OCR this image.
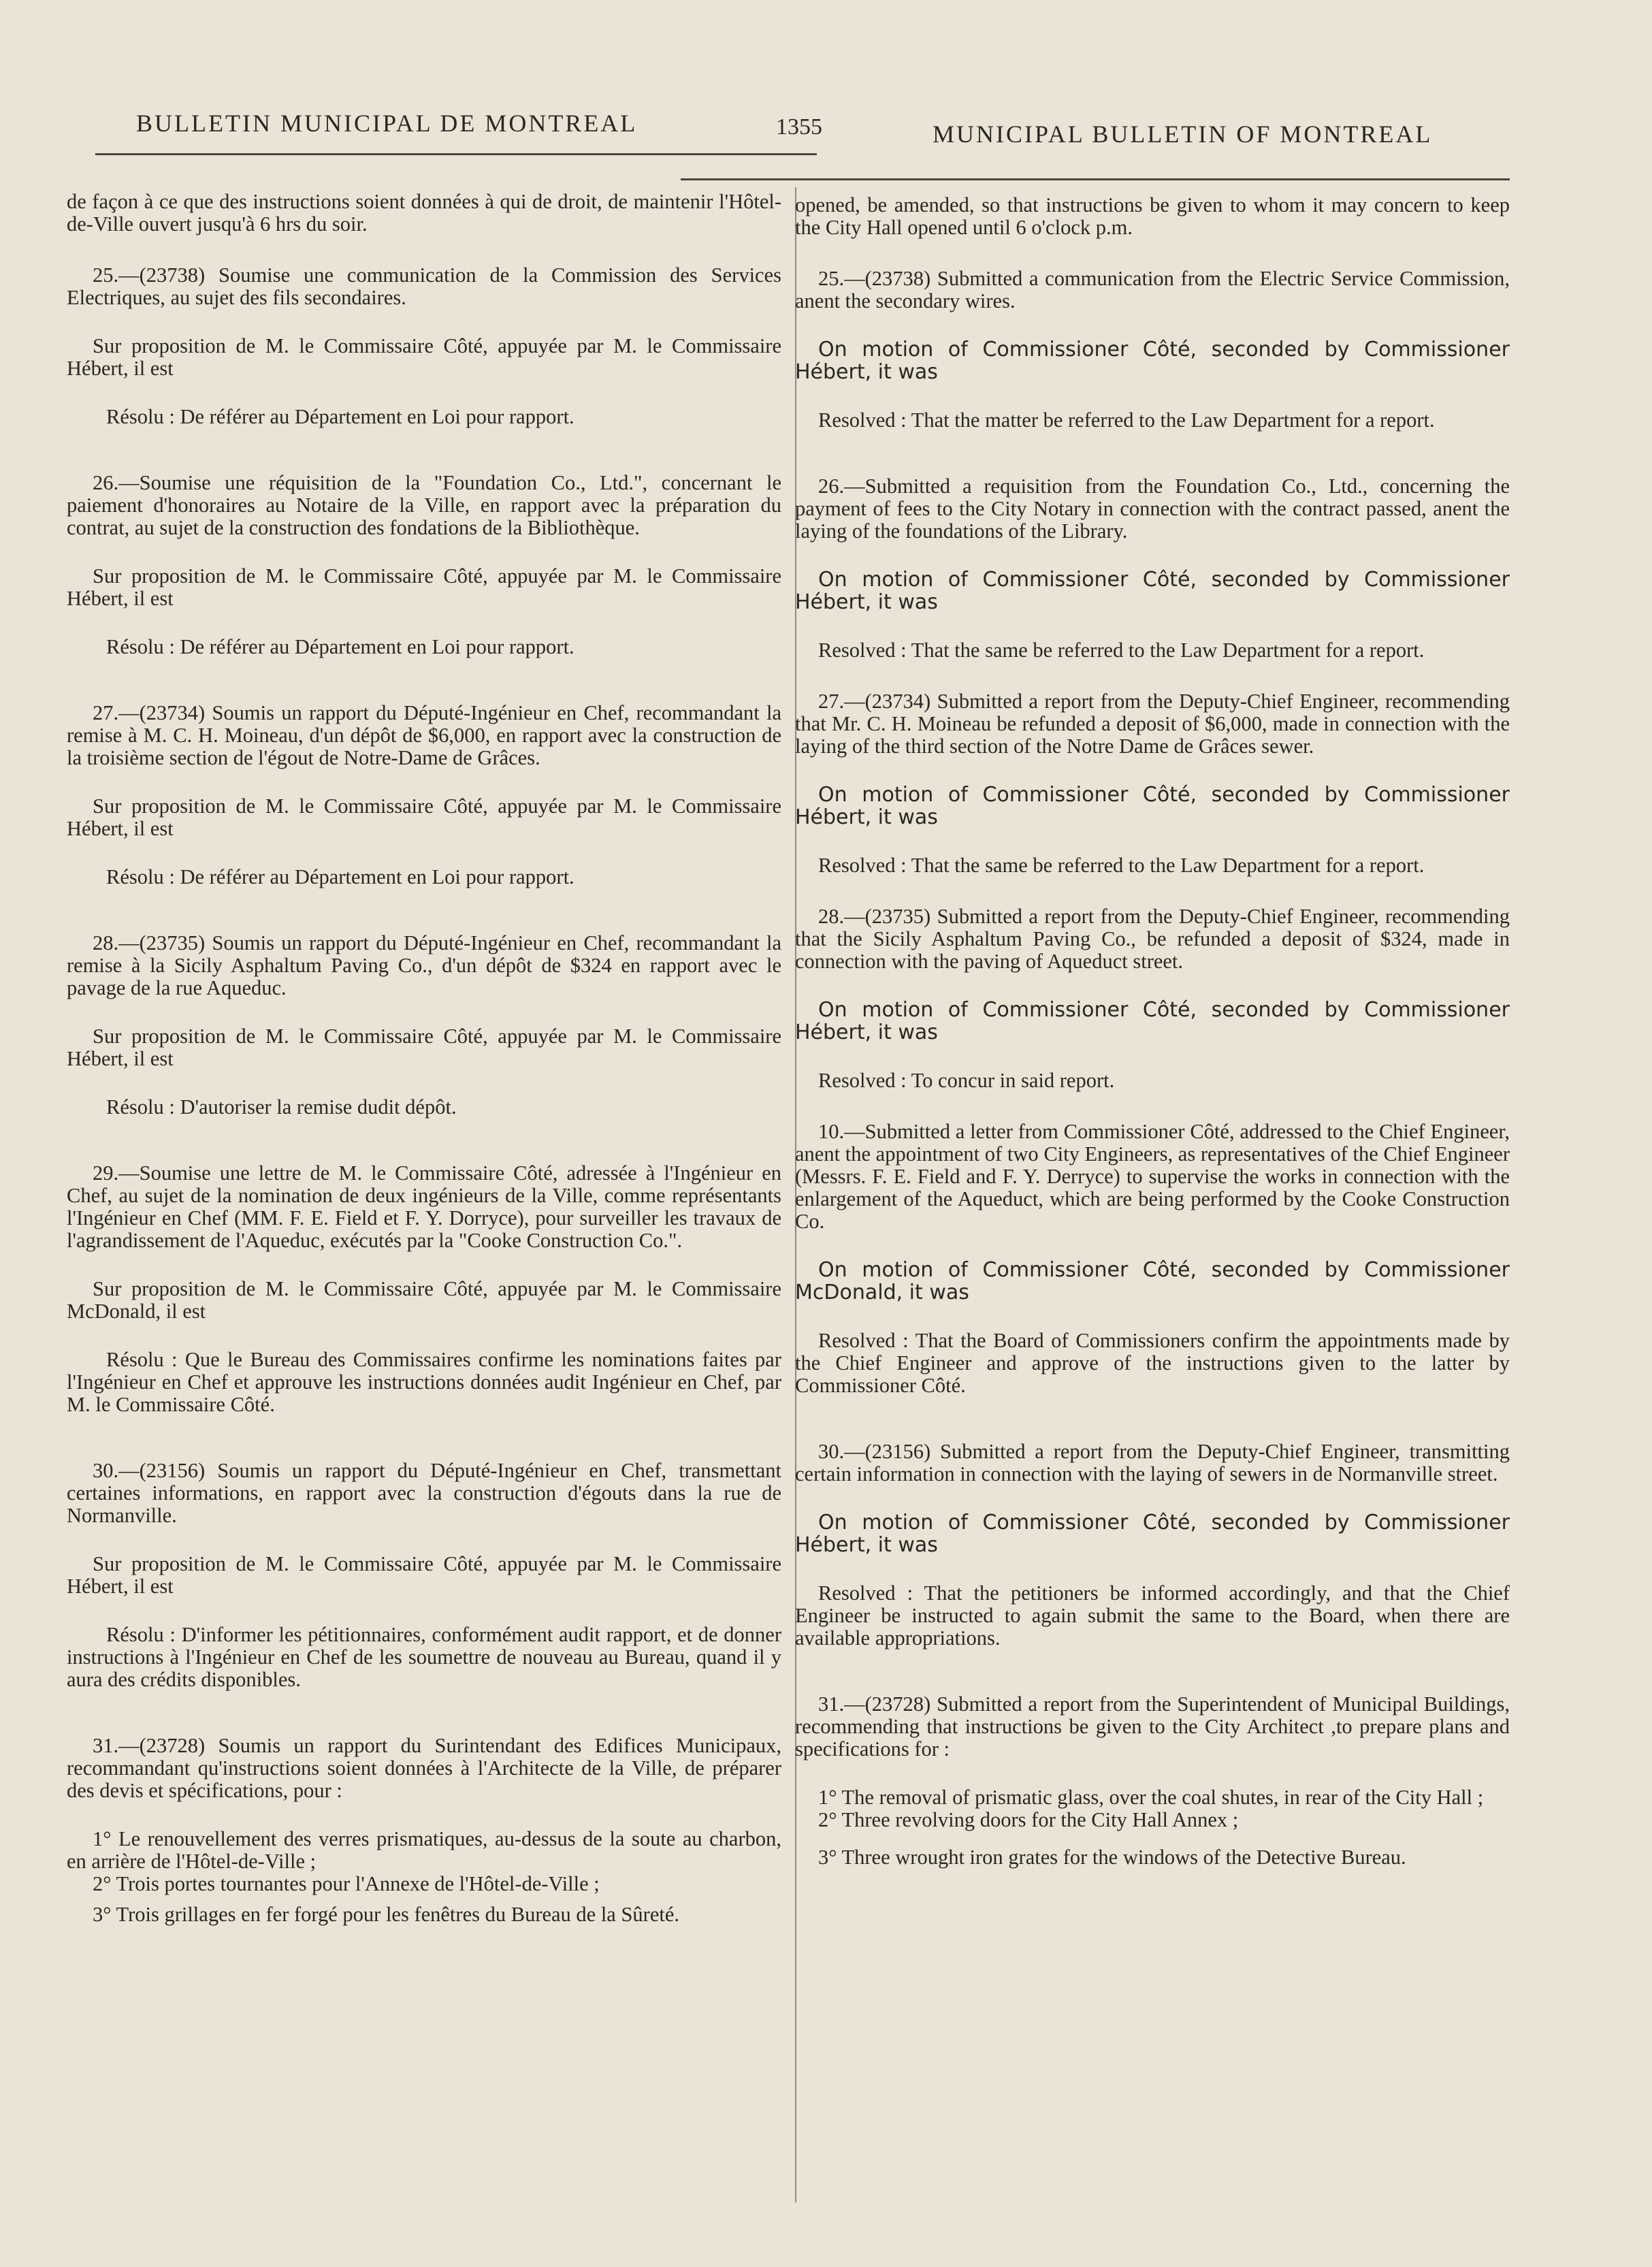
BULLETIN MUNICIPAL DE MONTREAL	1355	MUNICIPAL BULLETIN OF MONTREAL

de façon à ce que des instructions soient données à qui de droit, de maintenir l'Hôtel-de-Ville ouvert jusqu'à 6 hrs du soir.

25.—(23738) Soumise une communication de la Commission des Services Electriques, au sujet des fils secondaires.

Sur proposition de M. le Commissaire Côté, appuyée par M. le Commissaire Hébert, il est

Résolu : De référer au Département en Loi pour rapport.

26.—Soumise une réquisition de la "Foundation Co., Ltd.", concernant le paiement d'honoraires au Notaire de la Ville, en rapport avec la préparation du contrat, au sujet de la construction des fondations de la Bibliothèque.

Sur proposition de M. le Commissaire Côté, appuyée par M. le Commissaire Hébert, il est

Résolu : De référer au Département en Loi pour rapport.

27.—(23734) Soumis un rapport du Député-Ingénieur en Chef, recommandant la remise à M. C. H. Moineau, d'un dépôt de $6,000, en rapport avec la construction de la troisième section de l'égout de Notre-Dame de Grâces.

Sur proposition de M. le Commissaire Côté, appuyée par M. le Commissaire Hébert, il est

Résolu : De référer au Département en Loi pour rapport.

28.—(23735) Soumis un rapport du Député-Ingénieur en Chef, recommandant la remise à la Sicily Asphaltum Paving Co., d'un dépôt de $324 en rapport avec le pavage de la rue Aqueduc.

Sur proposition de M. le Commissaire Côté, appuyée par M. le Commissaire Hébert, il est

Résolu : D'autoriser la remise dudit dépôt.

29.—Soumise une lettre de M. le Commissaire Côté, adressée à l'Ingénieur en Chef, au sujet de la nomination de deux ingénieurs de la Ville, comme représentants l'Ingénieur en Chef (MM. F. E. Field et F. Y. Dorryce), pour surveiller les travaux de l'agrandissement de l'Aqueduc, exécutés par la "Cooke Construction Co.".

Sur proposition de M. le Commissaire Côté, appuyée par M. le Commissaire McDonald, il est

Résolu : Que le Bureau des Commissaires confirme les nominations faites par l'Ingénieur en Chef et approuve les instructions données audit Ingénieur en Chef, par M. le Commissaire Côté.

30.—(23156) Soumis un rapport du Député-Ingénieur en Chef, transmettant certaines informations, en rapport avec la construction d'égouts dans la rue de Normanville.

Sur proposition de M. le Commissaire Côté, appuyée par M. le Commissaire Hébert, il est

Résolu : D'informer les pétitionnaires, conformément audit rapport, et de donner instructions à l'Ingénieur en Chef de les soumettre de nouveau au Bureau, quand il y aura des crédits disponibles.

31.—(23728) Soumis un rapport du Surintendant des Edifices Municipaux, recommandant qu'instructions soient données à l'Architecte de la Ville, de préparer des devis et spécifications, pour :

1° Le renouvellement des verres prismatiques, au-dessus de la soute au charbon, en arrière de l'Hôtel-de-Ville ;

2° Trois portes tournantes pour l'Annexe de l'Hôtel-de-Ville ;

3° Trois grillages en fer forgé pour les fenêtres du Bureau de la Sûreté.

opened, be amended, so that instructions be given to whom it may concern to keep the City Hall opened until 6 o'clock p.m.

25.—(23738) Submitted a communication from the Electric Service Commission, anent the secondary wires.

On motion of Commissioner Côté, seconded by Commissioner Hébert, it was

Resolved : That the matter be referred to the Law Department for a report.

26.—Submitted a requisition from the Foundation Co., Ltd., concerning the payment of fees to the City Notary in connection with the contract passed, anent the laying of the foundations of the Library.

On motion of Commissioner Côté, seconded by Commissioner Hébert, it was

Resolved : That the same be referred to the Law Department for a report.

27.—(23734) Submitted a report from the Deputy-Chief Engineer, recommending that Mr. C. H. Moineau be refunded a deposit of $6,000, made in connection with the laying of the third section of the Notre Dame de Grâces sewer.

On motion of Commissioner Côté, seconded by Commissioner Hébert, it was

Resolved : That the same be referred to the Law Department for a report.

28.—(23735) Submitted a report from the Deputy-Chief Engineer, recommending that the Sicily Asphaltum Paving Co., be refunded a deposit of $324, made in connection with the paving of Aqueduct street.

On motion of Commissioner Côté, seconded by Commissioner Hébert, it was

Resolved : To concur in said report.

10.—Submitted a letter from Commissioner Côté, addressed to the Chief Engineer, anent the appointment of two City Engineers, as representatives of the Chief Engineer (Messrs. F. E. Field and F. Y. Derryce) to supervise the works in connection with the enlargement of the Aqueduct, which are being performed by the Cooke Construction Co.

On motion of Commissioner Côté, seconded by Commissioner McDonald, it was

Resolved : That the Board of Commissioners confirm the appointments made by the Chief Engineer and approve of the instructions given to the latter by Commissioner Côté.

30.—(23156) Submitted a report from the Deputy-Chief Engineer, transmitting certain information in connection with the laying of sewers in de Normanville street.

On motion of Commissioner Côté, seconded by Commissioner Hébert, it was

Resolved : That the petitioners be informed accordingly, and that the Chief Engineer be instructed to again submit the same to the Board, when there are available appropriations.

31.—(23728) Submitted a report from the Superintendent of Municipal Buildings, recommending that instructions be given to the City Architect ,to prepare plans and specifications for :

1° The removal of prismatic glass, over the coal shutes, in rear of the City Hall ;

2° Three revolving doors for the City Hall Annex ;

3° Three wrought iron grates for the windows of the Detective Bureau.
